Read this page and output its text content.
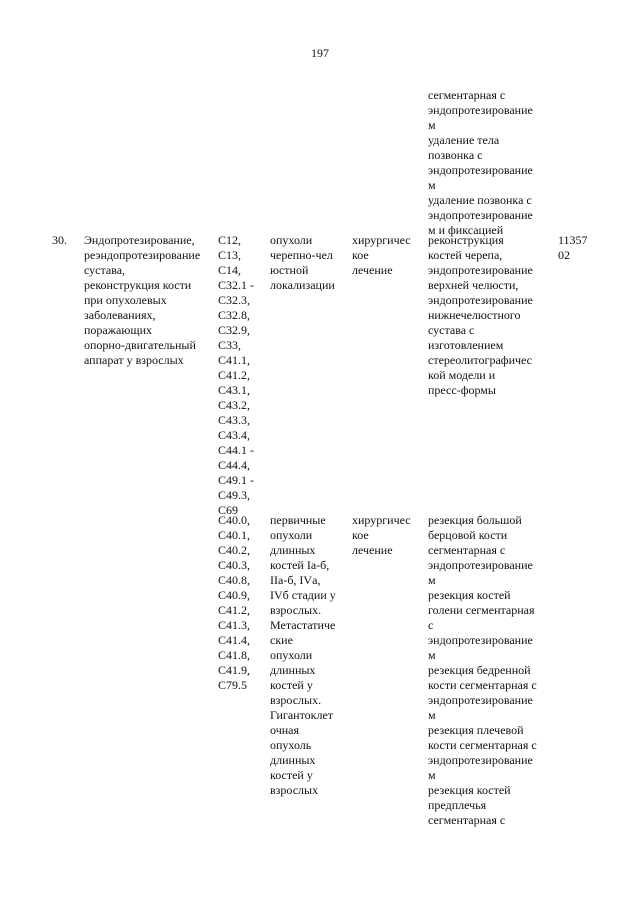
197
сегментарная с
эндопротезирование
м
удаление тела
позвонка с
эндопротезирование
м
удаление позвонка с
эндопротезирование
м и фиксацией
30.	Эндопротезирование,
реэндопротезирование
сустава,
реконструкция кости
при опухолевых
заболеваниях,
поражающих
опорно-двигательный
аппарат у взрослых
11357
02
C12,
C13,
C14,
C32.1 -
C32.3,
C32.8,
C32.9,
C33,
C41.1,
C41.2,
C43.1,
C43.2,
C43.3,
C43.4,
C44.1 -
C44.4,
C49.1 -
C49.3,
C69
опухоли
черепно-чел
юстной
локализации
хирургичес
кое
лечение
реконструкция
костей черепа,
эндопротезирование
верхней челюсти,
эндопротезирование
нижнечелюстного
сустава с
изготовлением
стереолитографичес
кой модели и
пресс-формы
C40.0,
C40.1,
C40.2,
C40.3,
C40.8,
C40.9,
C41.2,
C41.3,
C41.4,
C41.8,
C41.9,
C79.5
первичные
опухоли
длинных
костей Iа-б,
IIа-б, IVа,
IVб стадии у
взрослых.
Метастатиче
ские
опухоли
длинных
костей у
взрослых.
Гигантоклет
очная
опухоль
длинных
костей у
взрослых
хирургичес
кое
лечение
резекция большой
берцовой кости
сегментарная с
эндопротезирование
м
резекция костей
голени сегментарная
с
эндопротезирование
м
резекция бедренной
кости сегментарная с
эндопротезирование
м
резекция плечевой
кости сегментарная с
эндопротезирование
м
резекция костей
предплечья
сегментарная с
